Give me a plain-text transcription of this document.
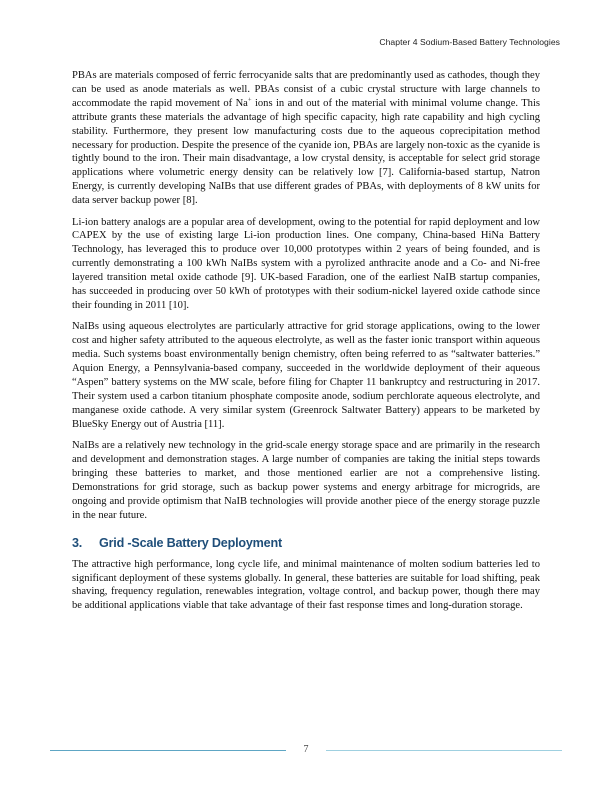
Chapter 4 Sodium-Based Battery Technologies

PBAs are materials composed of ferric ferrocyanide salts that are predominantly used as cathodes, though they can be used as anode materials as well. PBAs consist of a cubic crystal structure with large channels to accommodate the rapid movement of Na+ ions in and out of the material with minimal volume change. This attribute grants these materials the advantage of high specific capacity, high rate capability and high cycling stability. Furthermore, they present low manufacturing costs due to the aqueous coprecipitation method necessary for production. Despite the presence of the cyanide ion, PBAs are largely non-toxic as the cyanide is tightly bound to the iron. Their main disadvantage, a low crystal density, is acceptable for select grid storage applications where volumetric energy density can be relatively low [7]. California-based startup, Natron Energy, is currently developing NaIBs that use different grades of PBAs, with deployments of 8 kW units for data server backup power [8].

Li-ion battery analogs are a popular area of development, owing to the potential for rapid deployment and low CAPEX by the use of existing large Li-ion production lines. One company, China-based HiNa Battery Technology, has leveraged this to produce over 10,000 prototypes within 2 years of being founded, and is currently demonstrating a 100 kWh NaIBs system with a pyrolized anthracite anode and a Co- and Ni-free layered transition metal oxide cathode [9]. UK-based Faradion, one of the earliest NaIB startup companies, has succeeded in producing over 50 kWh of prototypes with their sodium-nickel layered oxide cathode since their founding in 2011 [10].

NaIBs using aqueous electrolytes are particularly attractive for grid storage applications, owing to the lower cost and higher safety attributed to the aqueous electrolyte, as well as the faster ionic transport within aqueous media. Such systems boast environmentally benign chemistry, often being referred to as “saltwater batteries.” Aquion Energy, a Pennsylvania-based company, succeeded in the worldwide deployment of their aqueous “Aspen” battery systems on the MW scale, before filing for Chapter 11 bankruptcy and restructuring in 2017. Their system used a carbon titanium phosphate composite anode, sodium perchlorate aqueous electrolyte, and manganese oxide cathode. A very similar system (Greenrock Saltwater Battery) appears to be marketed by BlueSky Energy out of Austria [11].

NaIBs are a relatively new technology in the grid-scale energy storage space and are primarily in the research and development and demonstration stages. A large number of companies are taking the initial steps towards bringing these batteries to market, and those mentioned earlier are not a comprehensive listing. Demonstrations for grid storage, such as backup power systems and energy arbitrage for microgrids, are ongoing and provide optimism that NaIB technologies will provide another piece of the energy storage puzzle in the near future.

3. Grid -Scale Battery Deployment

The attractive high performance, long cycle life, and minimal maintenance of molten sodium batteries led to significant deployment of these systems globally. In general, these batteries are suitable for load shifting, peak shaving, frequency regulation, renewables integration, voltage control, and backup power, though there may be additional applications viable that take advantage of their fast response times and long-duration storage.

7
